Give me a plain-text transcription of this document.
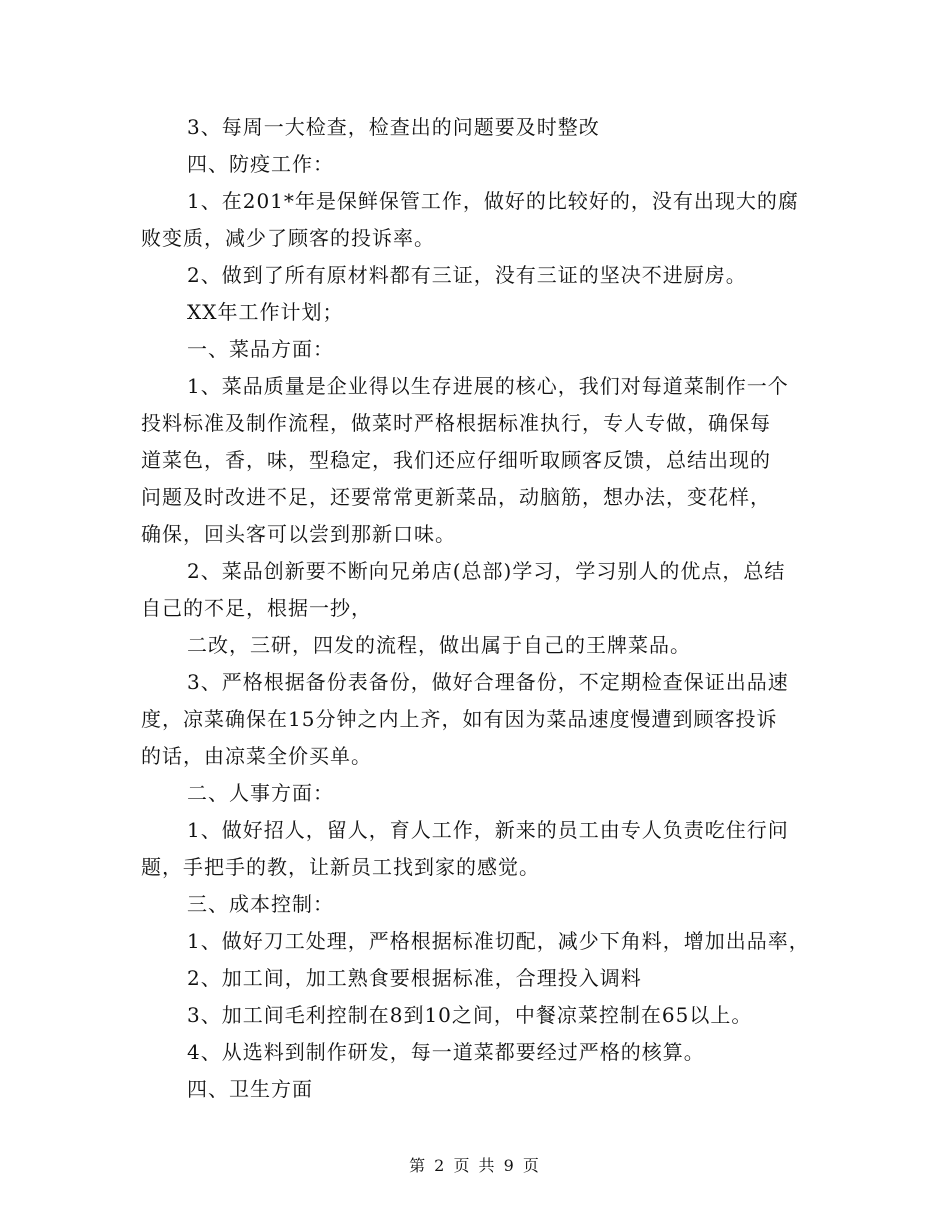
3、每周一大检查，检查出的问题要及时整改
四、防疫工作：
1、在201*年是保鲜保管工作，做好的比较好的，没有出现大的腐
败变质，减少了顾客的投诉率。
2、做到了所有原材料都有三证，没有三证的坚决不进厨房。
XX年工作计划；
一、菜品方面：
1、菜品质量是企业得以生存进展的核心，我们对每道菜制作一个
投料标准及制作流程，做菜时严格根据标准执行，专人专做，确保每
道菜色，香，味，型稳定，我们还应仔细听取顾客反馈，总结出现的
问题及时改进不足，还要常常更新菜品，动脑筋，想办法，变花样，
确保，回头客可以尝到那新口味。
2、菜品创新要不断向兄弟店(总部)学习，学习别人的优点，总结
自己的不足，根据一抄，
二改，三研，四发的流程，做出属于自己的王牌菜品。
3、严格根据备份表备份，做好合理备份，不定期检查保证出品速
度，凉菜确保在15分钟之内上齐，如有因为菜品速度慢遭到顾客投诉
的话，由凉菜全价买单。
二、人事方面：
1、做好招人，留人，育人工作，新来的员工由专人负责吃住行问
题，手把手的教，让新员工找到家的感觉。
三、成本控制：
1、做好刀工处理，严格根据标准切配，减少下角料，增加出品率，
2、加工间，加工熟食要根据标准，合理投入调料
3、加工间毛利控制在8到10之间，中餐凉菜控制在65以上。
4、从选料到制作研发，每一道菜都要经过严格的核算。
四、卫生方面
第 2 页 共 9 页
